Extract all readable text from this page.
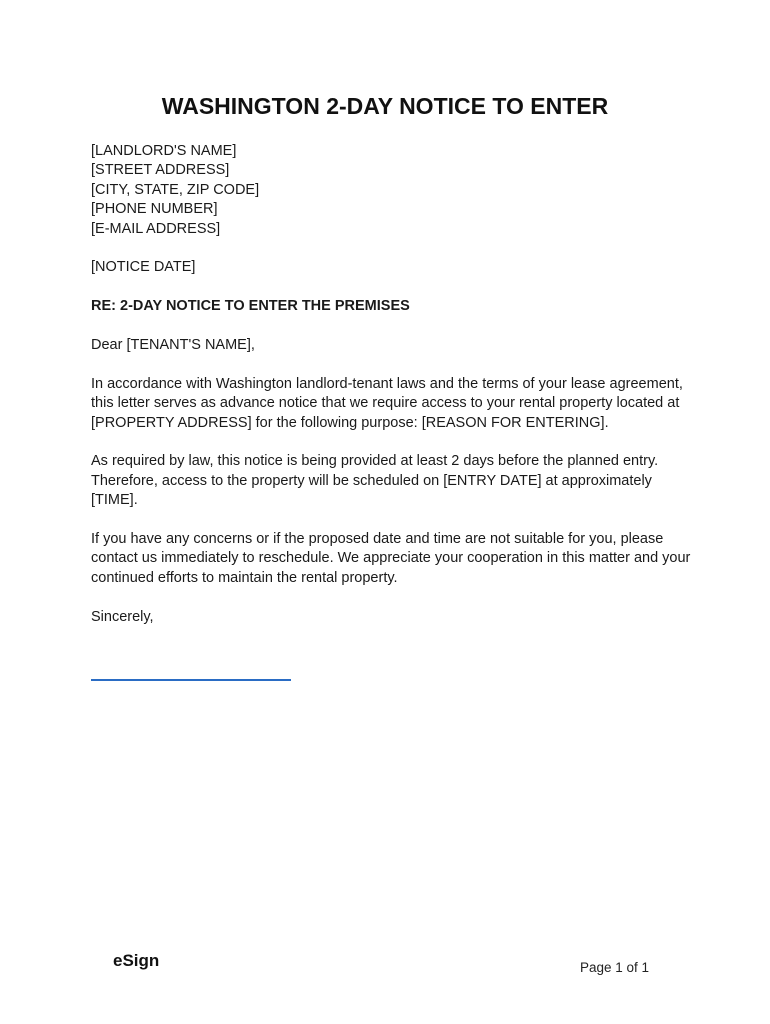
WASHINGTON 2-DAY NOTICE TO ENTER
[LANDLORD'S NAME]
[STREET ADDRESS]
[CITY, STATE, ZIP CODE]
[PHONE NUMBER]
[E-MAIL ADDRESS]
[NOTICE DATE]
RE: 2-DAY NOTICE TO ENTER THE PREMISES
Dear [TENANT'S NAME],

In accordance with Washington landlord-tenant laws and the terms of your lease agreement, this letter serves as advance notice that we require access to your rental property located at [PROPERTY ADDRESS] for the following purpose: [REASON FOR ENTERING].

As required by law, this notice is being provided at least 2 days before the planned entry. Therefore, access to the property will be scheduled on [ENTRY DATE] at approximately [TIME].

If you have any concerns or if the proposed date and time are not suitable for you, please contact us immediately to reschedule. We appreciate your cooperation in this matter and your continued efforts to maintain the rental property.

Sincerely,
eSign	Page 1 of 1
